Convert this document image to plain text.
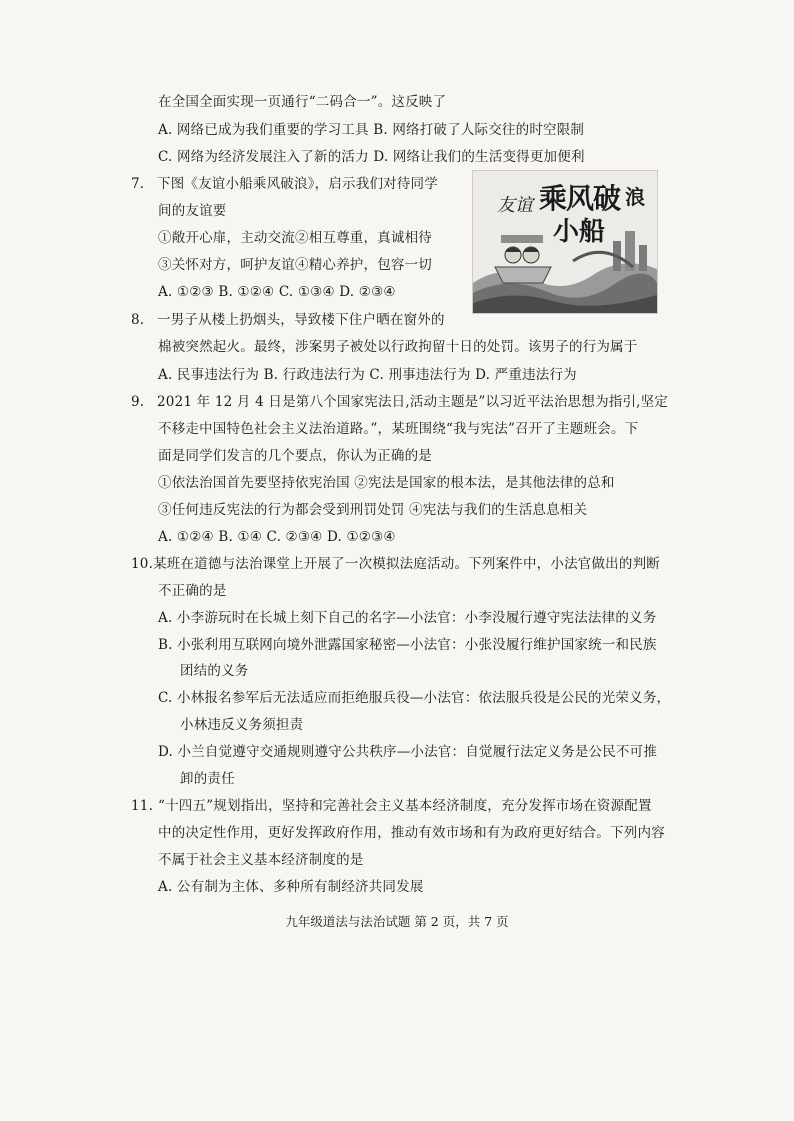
在全国全面实现一页通行“二码合一”。这反映了
A. 网络已成为我们重要的学习工具 B. 网络打破了人际交往的时空限制
C. 网络为经济发展注入了新的活力 D. 网络让我们的生活变得更加便利
7. 下图《友谊小船乘风破浪》，启示我们对待同学
间的友谊要
①敞开心扉，主动交流②相互尊重，真诚相待
③关怀对方，呵护友谊④精心养护，包容一切
A. ①②③ B. ①②④ C. ①③④ D. ②③④
友谊 乘风破 浪
小船
8. 一男子从楼上扔烟头，导致楼下住户晒在窗外的
棉被突然起火。最终，涉案男子被处以行政拘留十日的处罚。该男子的行为属于
A. 民事违法行为 B. 行政违法行为 C. 刑事违法行为 D. 严重违法行为
9. 2021 年 12 月 4 日是第八个国家宪法日,活动主题是”以习近平法治思想为指引,坚定
不移走中国特色社会主义法治道路。”，某班围绕“我与宪法”召开了主题班会。下
面是同学们发言的几个要点，你认为正确的是
①依法治国首先要坚持依宪治国 ②宪法是国家的根本法，是其他法律的总和
③任何违反宪法的行为都会受到刑罚处罚 ④宪法与我们的生活息息相关
A. ①②④ B. ①④ C. ②③④ D. ①②③④
10.某班在道德与法治课堂上开展了一次模拟法庭活动。下列案件中，小法官做出的判断
不正确的是
A. 小李游玩时在长城上刻下自己的名字—小法官：小李没履行遵守宪法法律的义务
B. 小张利用互联网向境外泄露国家秘密—小法官：小张没履行维护国家统一和民族
团结的义务
C. 小林报名参军后无法适应而拒绝服兵役—小法官：依法服兵役是公民的光荣义务，
小林违反义务须担责
D. 小兰自觉遵守交通规则遵守公共秩序—小法官：自觉履行法定义务是公民不可推
卸的责任
11. “十四五”规划指出，坚持和完善社会主义基本经济制度，充分发挥市场在资源配置
中的决定性作用，更好发挥政府作用，推动有效市场和有为政府更好结合。下列内容
不属于社会主义基本经济制度的是
A. 公有制为主体、多种所有制经济共同发展
九年级道法与法治试题 第 2 页，共 7 页
